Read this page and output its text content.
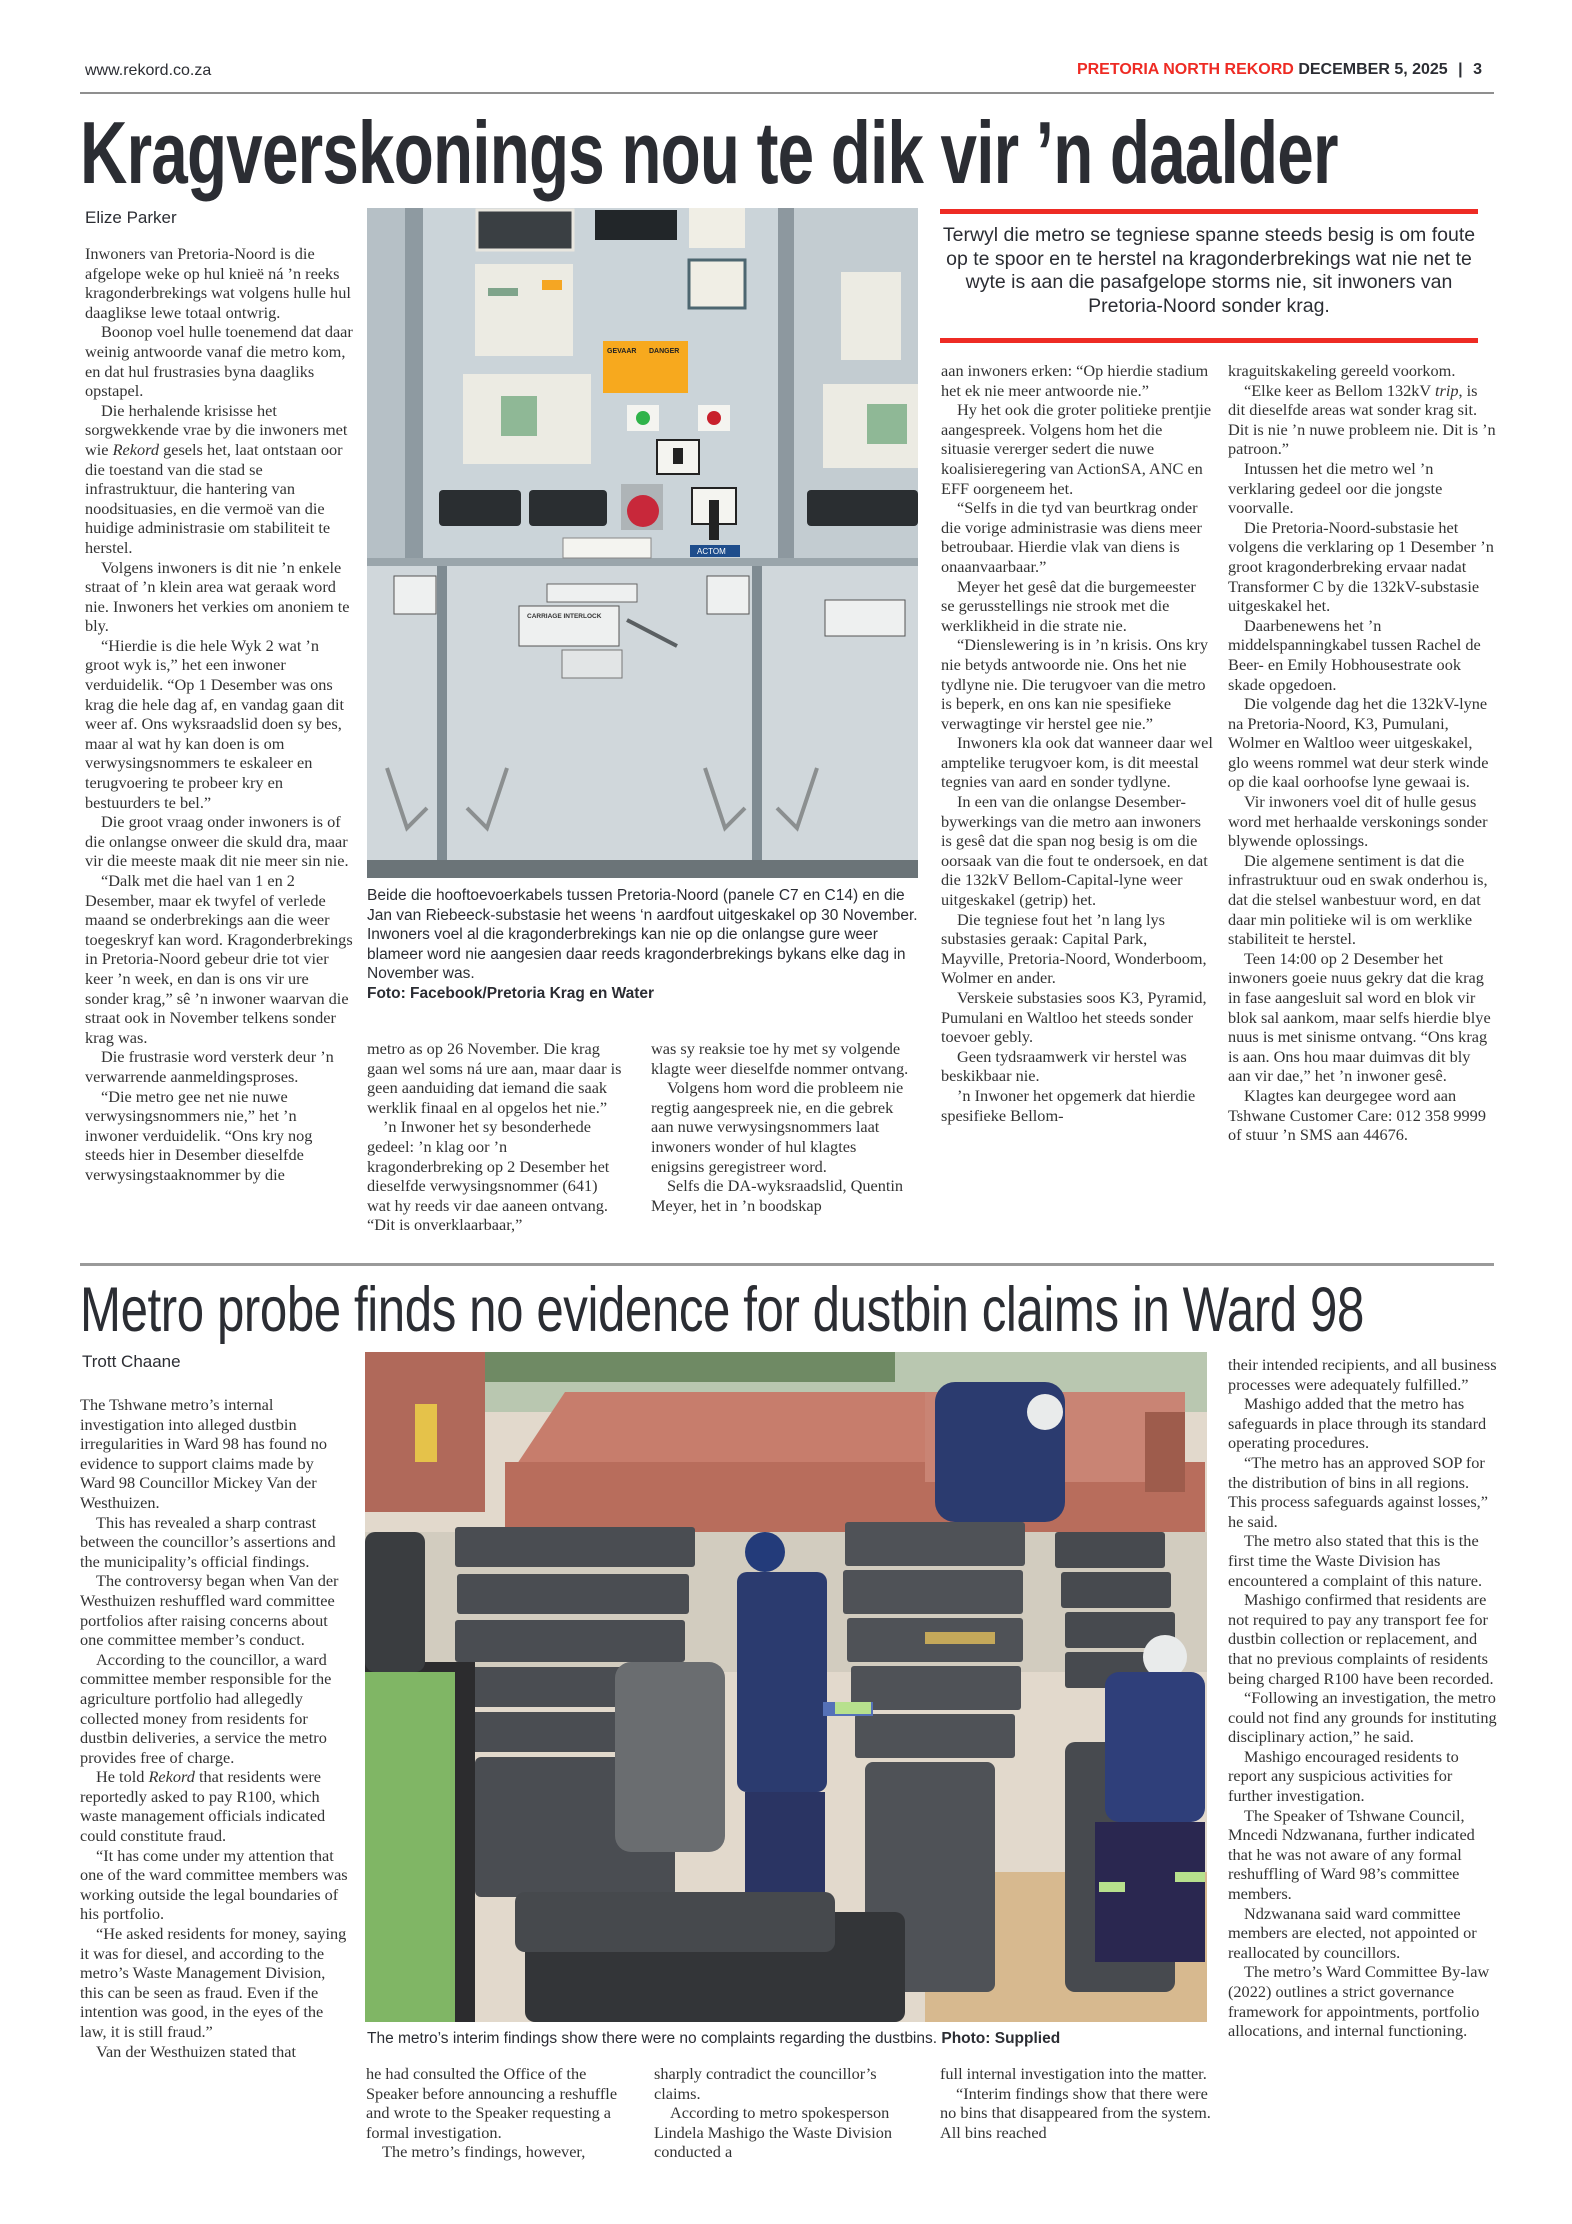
www.rekord.co.za	PRETORIA NORTH REKORD DECEMBER 5, 2025 | 3
Kragverskonings nou te dik vir ’n daalder
Elize Parker

Inwoners van Pretoria-Noord is die afgelope weke op hul knieë ná ’n reeks kragonderbrekings wat volgens hulle hul daaglikse lewe totaal ontwrig.

Boonop voel hulle toenemend dat daar weinig antwoorde vanaf die metro kom, en dat hul frustrasies byna daagliks opstapel.

Die herhalende krisisse het sorgwekkende vrae by die inwoners met wie Rekord gesels het, laat ontstaan oor die toestand van die stad se infrastruktuur, die hantering van noodsituasies, en die vermoë van die huidige administrasie om stabiliteit te herstel.

Volgens inwoners is dit nie ’n enkele straat of ’n klein area wat geraak word nie. Inwoners het verkies om anoniem te bly.

“Hierdie is die hele Wyk 2 wat ’n groot wyk is,” het een inwoner verduidelik. “Op 1 Desember was ons krag die hele dag af, en vandag gaan dit weer af. Ons wyksraadslid doen sy bes, maar al wat hy kan doen is om verwysingsnommers te eskaleer en terugvoering te probeer kry en bestuurders te bel.”

Die groot vraag onder inwoners is of die onlangse onweer die skuld dra, maar vir die meeste maak dit nie meer sin nie.

“Dalk met die hael van 1 en 2 Desember, maar ek twyfel of verlede maand se onderbrekings aan die weer toegeskryf kan word. Kragonderbrekings in Pretoria-Noord gebeur drie tot vier keer ’n week, en dan is ons vir ure sonder krag,” sê ’n inwoner waarvan die straat ook in November telkens sonder krag was.

Die frustrasie word versterk deur ’n verwarrende aanmeldingsproses.

“Die metro gee net nie nuwe verwysingsnommers nie,” het ’n inwoner verduidelik. “Ons kry nog steeds hier in Desember dieselfde verwysingstaaknommer by die

GEVAAR DANGER
ACTOM
CARRIAGE INTERLOCK
Beide die hooftoevoerkabels tussen Pretoria-Noord (panele C7 en C14) en die Jan van Riebeeck-substasie het weens ‘n aardfout uitgeskakel op 30 November. Inwoners voel al die kragonderbrekings kan nie op die onlangse gure weer blameer word nie aangesien daar reeds kragonderbrekings bykans elke dag in November was.
Foto: Facebook/Pretoria Krag en Water

metro as op 26 November. Die krag gaan wel soms ná ure aan, maar daar is geen aanduiding dat iemand die saak werklik finaal en al opgelos het nie.”

’n Inwoner het sy besonderhede gedeel: ’n klag oor ’n kragonderbreking op 2 Desember het dieselfde verwysingsnommer (641) wat hy reeds vir dae aaneen ontvang. “Dit is onverklaarbaar,”

was sy reaksie toe hy met sy volgende klagte weer dieselfde nommer ontvang.

Volgens hom word die probleem nie regtig aangespreek nie, en die gebrek aan nuwe verwysingsnommers laat inwoners wonder of hul klagtes enigsins geregistreer word.

Selfs die DA-wyksraadslid, Quentin Meyer, het in ’n boodskap

Terwyl die metro se tegniese spanne steeds besig is om foute op te spoor en te herstel na kragonderbrekings wat nie net te wyte is aan die pasafgelope storms nie, sit inwoners van Pretoria-Noord sonder krag.

aan inwoners erken: “Op hierdie stadium het ek nie meer antwoorde nie.”

Hy het ook die groter politieke prentjie aangespreek. Volgens hom het die situasie vererger sedert die nuwe koalisieregering van ActionSA, ANC en EFF oorgeneem het.

“Selfs in die tyd van beurtkrag onder die vorige administrasie was diens meer betroubaar. Hierdie vlak van diens is onaanvaarbaar.”

Meyer het gesê dat die burgemeester se gerusstellings nie strook met die werklikheid in die strate nie.

“Dienslewering is in ’n krisis. Ons kry nie betyds antwoorde nie. Ons het nie tydlyne nie. Die terugvoer van die metro is beperk, en ons kan nie spesifieke verwagtinge vir herstel gee nie.”

Inwoners kla ook dat wanneer daar wel amptelike terugvoer kom, is dit meestal tegnies van aard en sonder tydlyne.

In een van die onlangse Desember-bywerkings van die metro aan inwoners is gesê dat die span nog besig is om die oorsaak van die fout te ondersoek, en dat die 132kV Bellom-Capital-lyne weer uitgeskakel (getrip) het.

Die tegniese fout het ’n lang lys substasies geraak: Capital Park, Mayville, Pretoria-Noord, Wonderboom, Wolmer en ander.

Verskeie substasies soos K3, Pyramid, Pumulani en Waltloo het steeds sonder toevoer gebly.

Geen tydsraamwerk vir herstel was beskikbaar nie.

’n Inwoner het opgemerk dat hierdie spesifieke Bellom-

kraguitskakeling gereeld voorkom.

“Elke keer as Bellom 132kV trip, is dit dieselfde areas wat sonder krag sit. Dit is nie ’n nuwe probleem nie. Dit is ’n patroon.”

Intussen het die metro wel ’n verklaring gedeel oor die jongste voorvalle.

Die Pretoria-Noord-substasie het volgens die verklaring op 1 Desember ’n groot kragonderbreking ervaar nadat Transformer C by die 132kV-substasie uitgeskakel het.

Daarbenewens het ’n middelspanningkabel tussen Rachel de Beer- en Emily Hobhousestrate ook skade opgedoen.

Die volgende dag het die 132kV-lyne na Pretoria-Noord, K3, Pumulani, Wolmer en Waltloo weer uitgeskakel, glo weens rommel wat deur sterk winde op die kaal oorhoofse lyne gewaai is.

Vir inwoners voel dit of hulle gesus word met herhaalde verskonings sonder blywende oplossings.

Die algemene sentiment is dat die infrastruktuur oud en swak onderhou is, dat die stelsel wanbestuur word, en dat daar min politieke wil is om werklike stabiliteit te herstel.

Teen 14:00 op 2 Desember het inwoners goeie nuus gekry dat die krag in fase aangesluit sal word en blok vir blok sal aankom, maar selfs hierdie blye nuus is met sinisme ontvang. “Ons krag is aan. Ons hou maar duimvas dit bly aan vir dae,” het ’n inwoner gesê.

Klagtes kan deurgegee word aan Tshwane Customer Care: 012 358 9999 of stuur ’n SMS aan 44676.

Metro probe finds no evidence for dustbin claims in Ward 98
Trott Chaane

The Tshwane metro’s internal investigation into alleged dustbin irregularities in Ward 98 has found no evidence to support claims made by Ward 98 Councillor Mickey Van der Westhuizen.

This has revealed a sharp contrast between the councillor’s assertions and the municipality’s official findings.

The controversy began when Van der Westhuizen reshuffled ward committee portfolios after raising concerns about one committee member’s conduct.

According to the councillor, a ward committee member responsible for the agriculture portfolio had allegedly collected money from residents for dustbin deliveries, a service the metro provides free of charge.

He told Rekord that residents were reportedly asked to pay R100, which waste management officials indicated could constitute fraud.

“It has come under my attention that one of the ward committee members was working outside the legal boundaries of his portfolio.

“He asked residents for money, saying it was for diesel, and according to the metro’s Waste Management Division, this can be seen as fraud. Even if the intention was good, in the eyes of the law, it is still fraud.”

Van der Westhuizen stated that

The metro’s interim findings show there were no complaints regarding the dustbins. Photo: Supplied

he had consulted the Office of the Speaker before announcing a reshuffle and wrote to the Speaker requesting a formal investigation.

The metro’s findings, however,

sharply contradict the councillor’s claims.

According to metro spokesperson Lindela Mashigo the Waste Division conducted a

full internal investigation into the matter.

“Interim findings show that there were no bins that disappeared from the system. All bins reached

their intended recipients, and all business processes were adequately fulfilled.”

Mashigo added that the metro has safeguards in place through its standard operating procedures.

“The metro has an approved SOP for the distribution of bins in all regions. This process safeguards against losses,” he said.

The metro also stated that this is the first time the Waste Division has encountered a complaint of this nature.

Mashigo confirmed that residents are not required to pay any transport fee for dustbin collection or replacement, and that no previous complaints of residents being charged R100 have been recorded.

“Following an investigation, the metro could not find any grounds for instituting disciplinary action,” he said.

Mashigo encouraged residents to report any suspicious activities for further investigation.

The Speaker of Tshwane Council, Mncedi Ndzwanana, further indicated that he was not aware of any formal reshuffling of Ward 98’s committee members.

Ndzwanana said ward committee members are elected, not appointed or reallocated by councillors.

The metro’s Ward Committee By-law (2022) outlines a strict governance framework for appointments, portfolio allocations, and internal functioning.
